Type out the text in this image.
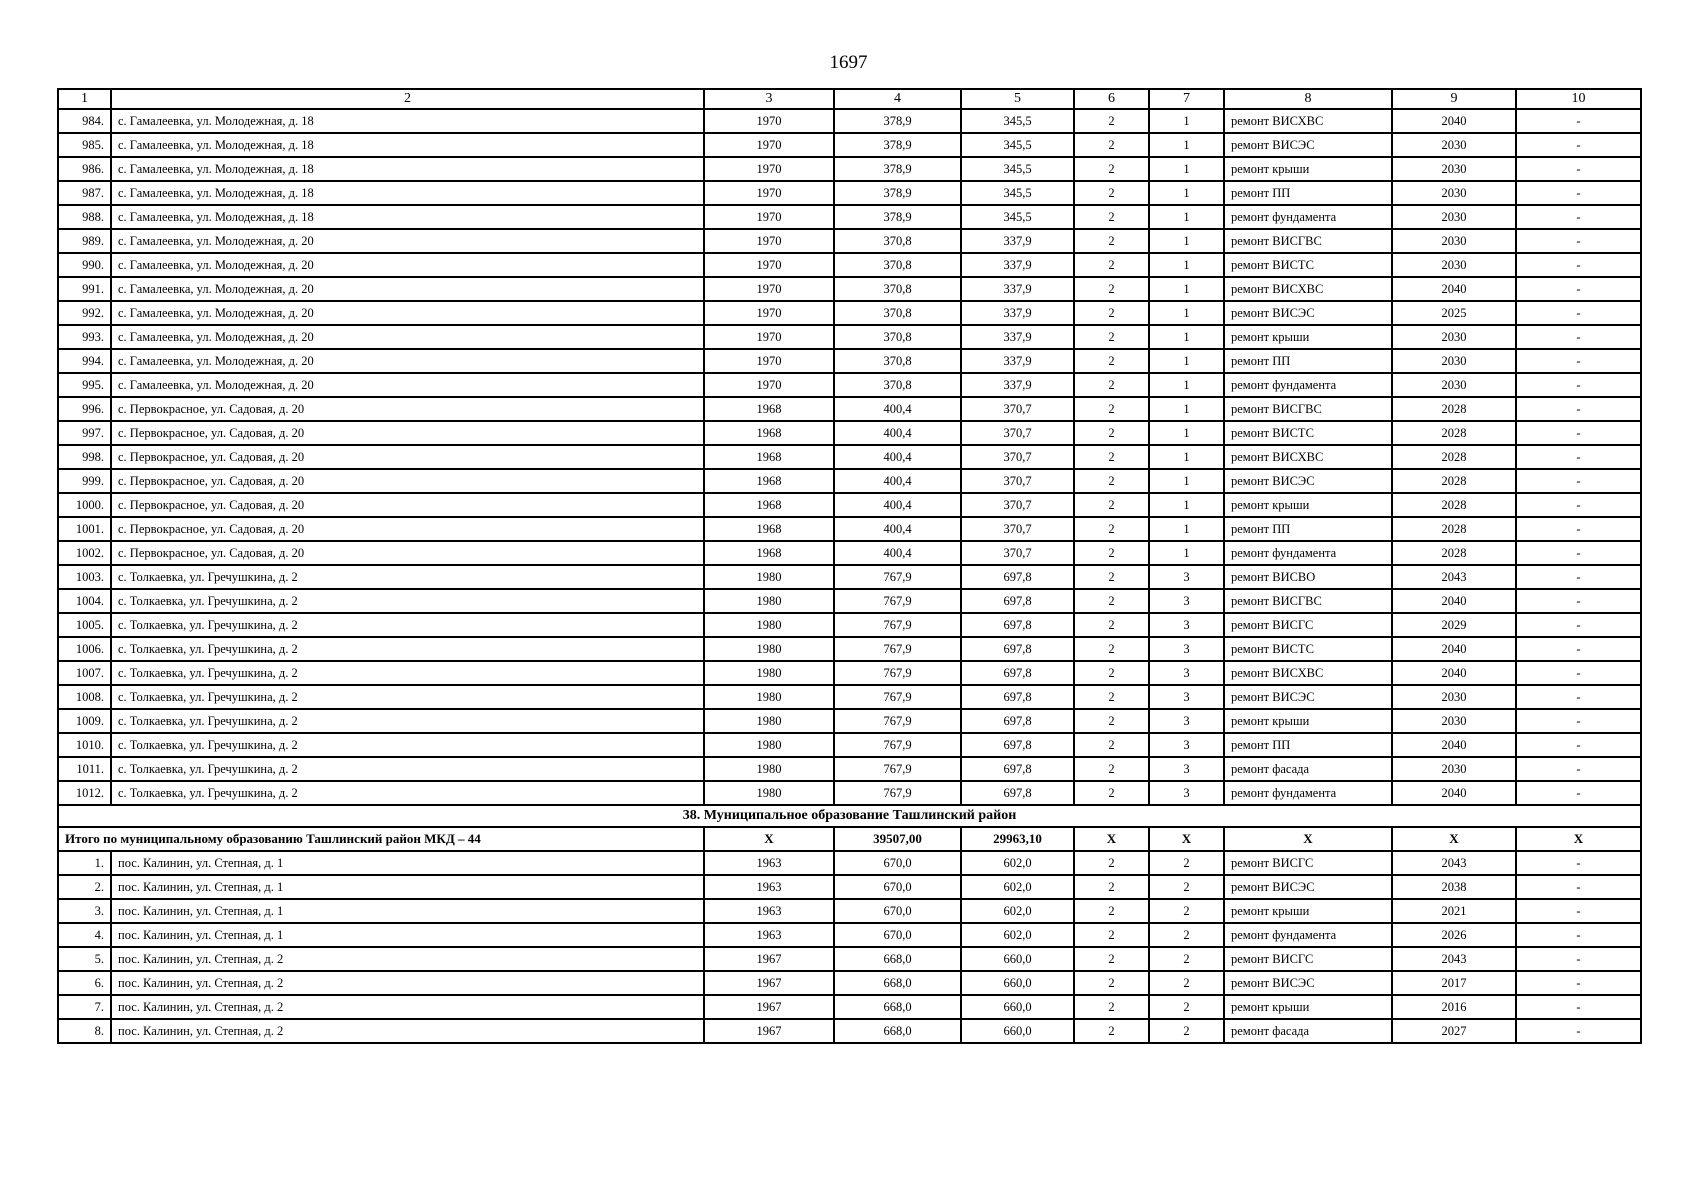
1697
1	2	3	4	5	6	7	8	9	10
984.	с. Гамалеевка, ул. Молодежная, д. 18	1970	378,9	345,5	2	1	ремонт ВИСХВС	2040	-
985.	с. Гамалеевка, ул. Молодежная, д. 18	1970	378,9	345,5	2	1	ремонт ВИСЭС	2030	-
986.	с. Гамалеевка, ул. Молодежная, д. 18	1970	378,9	345,5	2	1	ремонт крыши	2030	-
987.	с. Гамалеевка, ул. Молодежная, д. 18	1970	378,9	345,5	2	1	ремонт ПП	2030	-
988.	с. Гамалеевка, ул. Молодежная, д. 18	1970	378,9	345,5	2	1	ремонт фундамента	2030	-
989.	с. Гамалеевка, ул. Молодежная, д. 20	1970	370,8	337,9	2	1	ремонт ВИСГВС	2030	-
990.	с. Гамалеевка, ул. Молодежная, д. 20	1970	370,8	337,9	2	1	ремонт ВИСТС	2030	-
991.	с. Гамалеевка, ул. Молодежная, д. 20	1970	370,8	337,9	2	1	ремонт ВИСХВС	2040	-
992.	с. Гамалеевка, ул. Молодежная, д. 20	1970	370,8	337,9	2	1	ремонт ВИСЭС	2025	-
993.	с. Гамалеевка, ул. Молодежная, д. 20	1970	370,8	337,9	2	1	ремонт крыши	2030	-
994.	с. Гамалеевка, ул. Молодежная, д. 20	1970	370,8	337,9	2	1	ремонт ПП	2030	-
995.	с. Гамалеевка, ул. Молодежная, д. 20	1970	370,8	337,9	2	1	ремонт фундамента	2030	-
996.	с. Первокрасное, ул. Садовая, д. 20	1968	400,4	370,7	2	1	ремонт ВИСГВС	2028	-
997.	с. Первокрасное, ул. Садовая, д. 20	1968	400,4	370,7	2	1	ремонт ВИСТС	2028	-
998.	с. Первокрасное, ул. Садовая, д. 20	1968	400,4	370,7	2	1	ремонт ВИСХВС	2028	-
999.	с. Первокрасное, ул. Садовая, д. 20	1968	400,4	370,7	2	1	ремонт ВИСЭС	2028	-
1000.	с. Первокрасное, ул. Садовая, д. 20	1968	400,4	370,7	2	1	ремонт крыши	2028	-
1001.	с. Первокрасное, ул. Садовая, д. 20	1968	400,4	370,7	2	1	ремонт ПП	2028	-
1002.	с. Первокрасное, ул. Садовая, д. 20	1968	400,4	370,7	2	1	ремонт фундамента	2028	-
1003.	с. Толкаевка, ул. Гречушкина, д. 2	1980	767,9	697,8	2	3	ремонт ВИСВО	2043	-
1004.	с. Толкаевка, ул. Гречушкина, д. 2	1980	767,9	697,8	2	3	ремонт ВИСГВС	2040	-
1005.	с. Толкаевка, ул. Гречушкина, д. 2	1980	767,9	697,8	2	3	ремонт ВИСГС	2029	-
1006.	с. Толкаевка, ул. Гречушкина, д. 2	1980	767,9	697,8	2	3	ремонт ВИСТС	2040	-
1007.	с. Толкаевка, ул. Гречушкина, д. 2	1980	767,9	697,8	2	3	ремонт ВИСХВС	2040	-
1008.	с. Толкаевка, ул. Гречушкина, д. 2	1980	767,9	697,8	2	3	ремонт ВИСЭС	2030	-
1009.	с. Толкаевка, ул. Гречушкина, д. 2	1980	767,9	697,8	2	3	ремонт крыши	2030	-
1010.	с. Толкаевка, ул. Гречушкина, д. 2	1980	767,9	697,8	2	3	ремонт ПП	2040	-
1011.	с. Толкаевка, ул. Гречушкина, д. 2	1980	767,9	697,8	2	3	ремонт фасада	2030	-
1012.	с. Толкаевка, ул. Гречушкина, д. 2	1980	767,9	697,8	2	3	ремонт фундамента	2040	-
38. Муниципальное образование Ташлинский район									
Итого по муниципальному образованию Ташлинский район МКД – 44		X	39507,00	29963,10	X	X	X	X	X
1.	пос. Калинин, ул. Степная, д. 1	1963	670,0	602,0	2	2	ремонт ВИСГС	2043	-
2.	пос. Калинин, ул. Степная, д. 1	1963	670,0	602,0	2	2	ремонт ВИСЭС	2038	-
3.	пос. Калинин, ул. Степная, д. 1	1963	670,0	602,0	2	2	ремонт крыши	2021	-
4.	пос. Калинин, ул. Степная, д. 1	1963	670,0	602,0	2	2	ремонт фундамента	2026	-
5.	пос. Калинин, ул. Степная, д. 2	1967	668,0	660,0	2	2	ремонт ВИСГС	2043	-
6.	пос. Калинин, ул. Степная, д. 2	1967	668,0	660,0	2	2	ремонт ВИСЭС	2017	-
7.	пос. Калинин, ул. Степная, д. 2	1967	668,0	660,0	2	2	ремонт крыши	2016	-
8.	пос. Калинин, ул. Степная, д. 2	1967	668,0	660,0	2	2	ремонт фасада	2027	-
